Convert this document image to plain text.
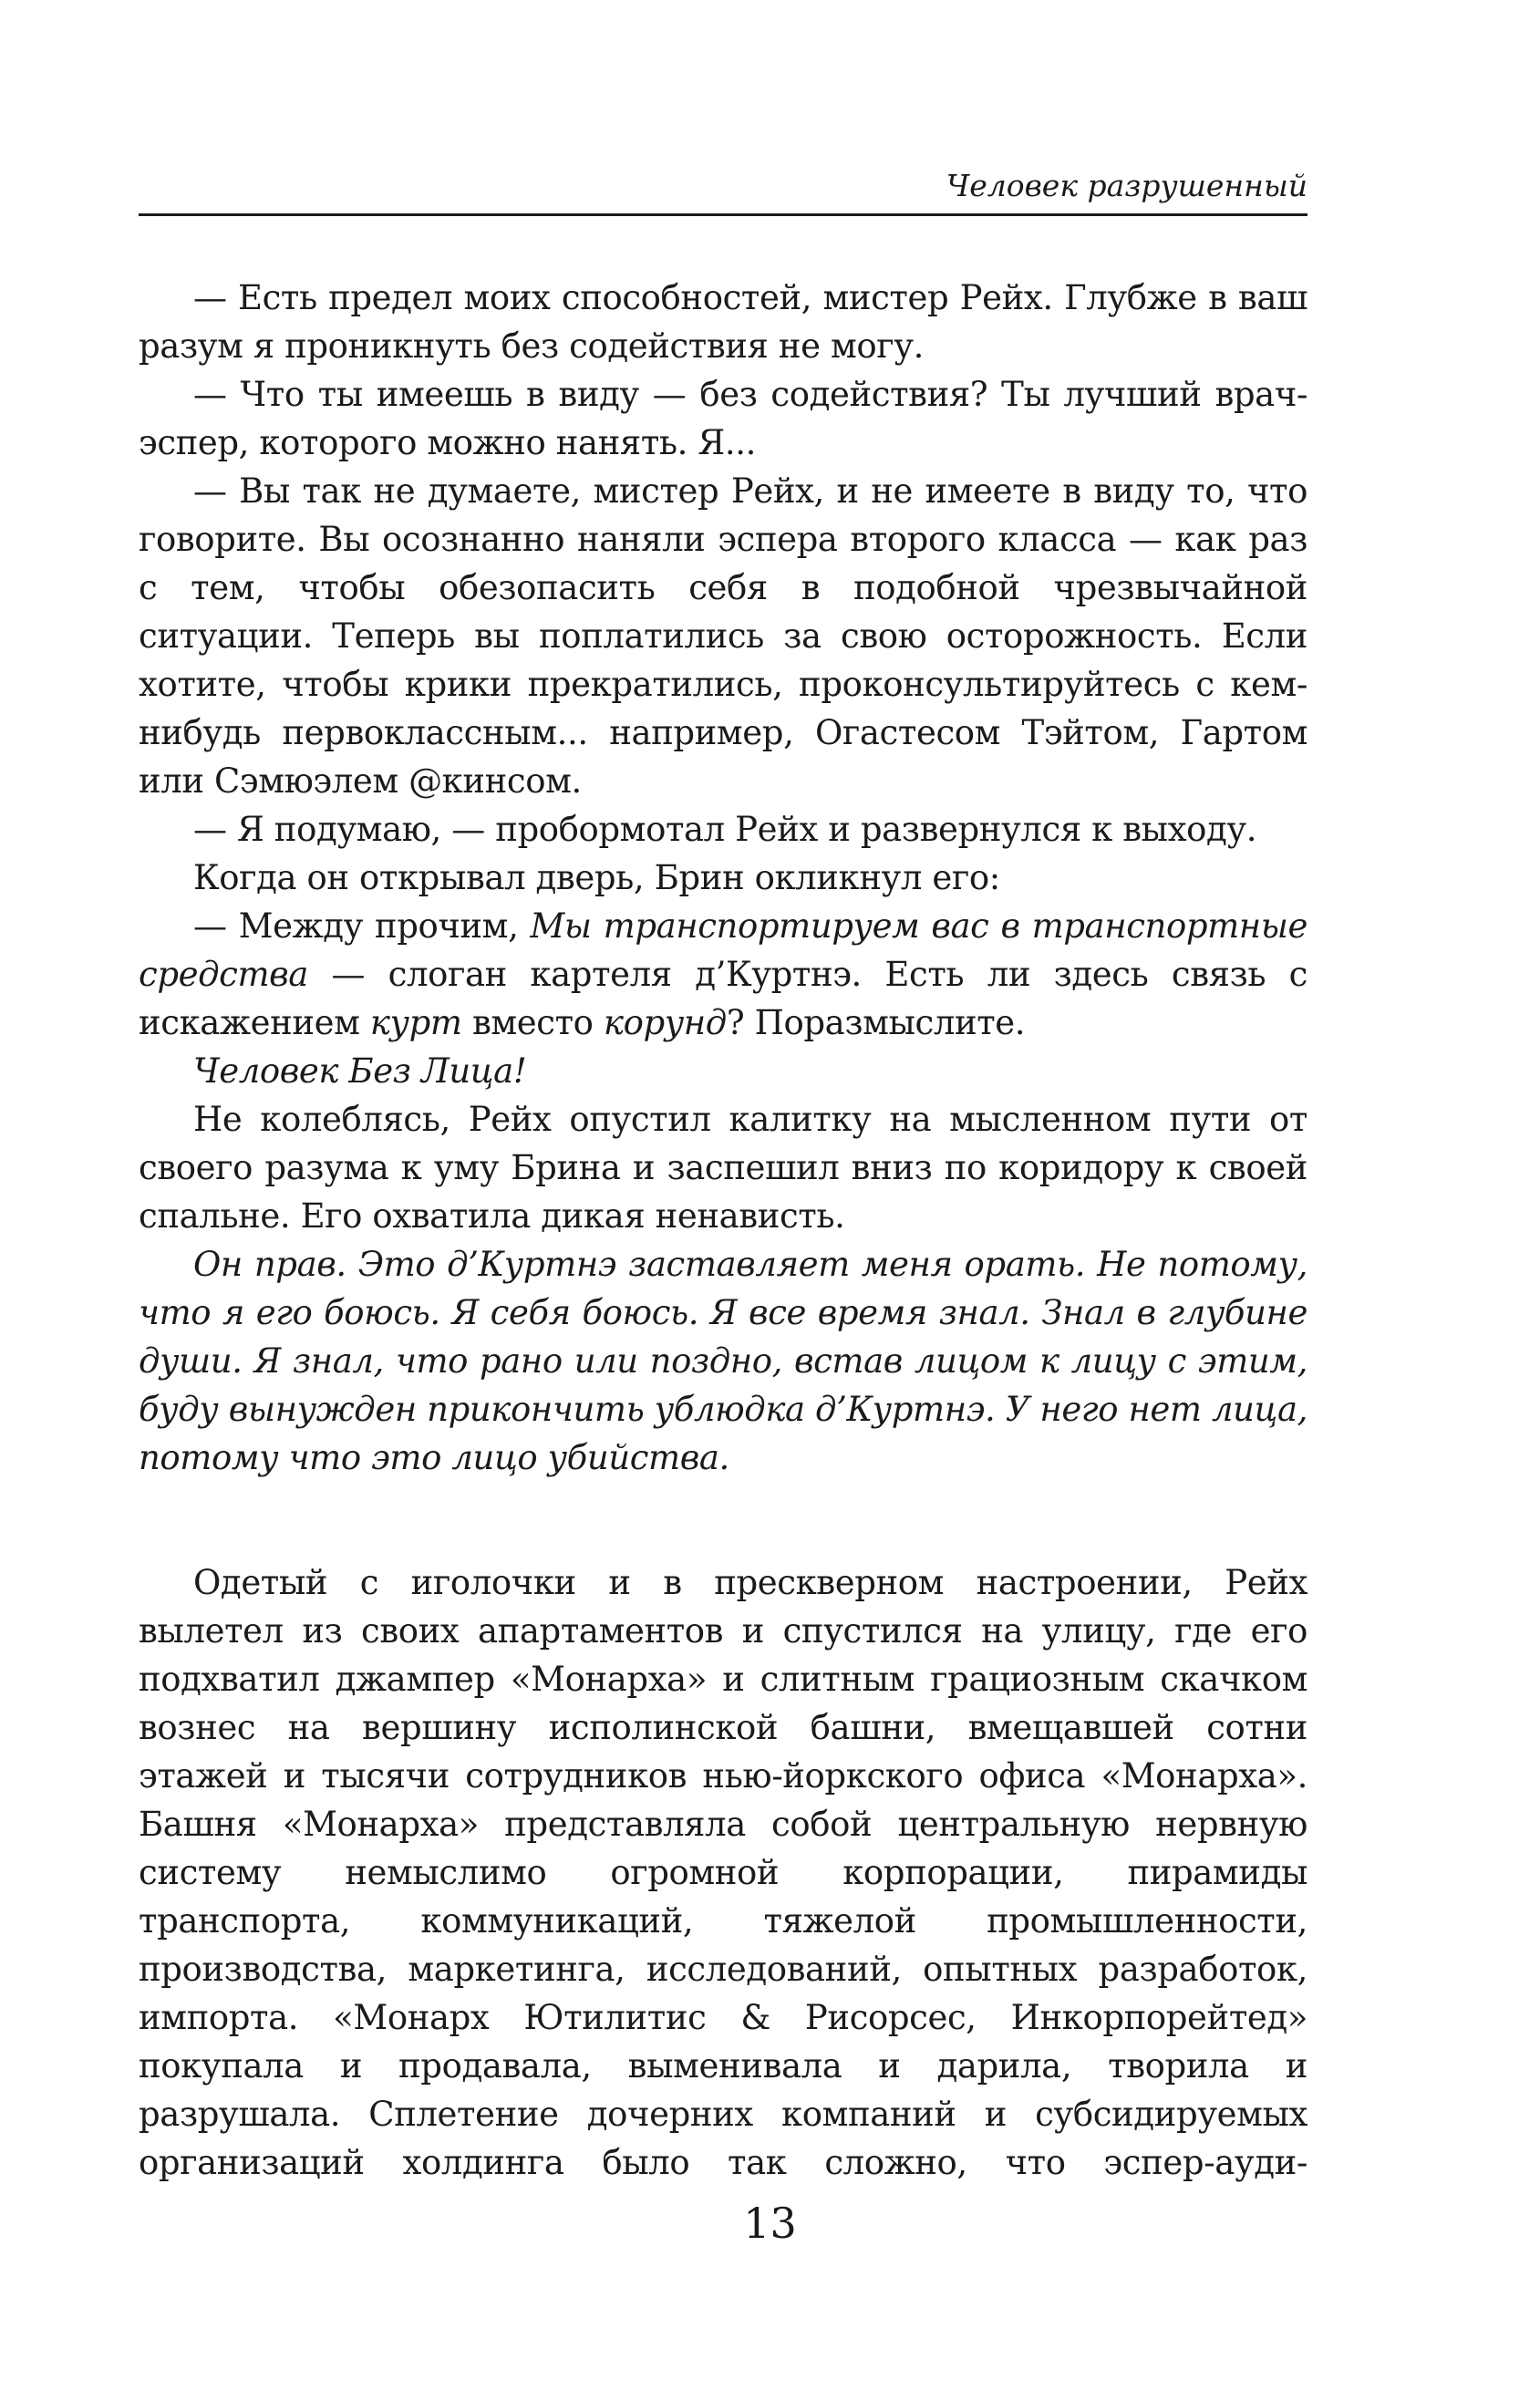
Человек разрушенный

— Есть предел моих способностей, мистер Рейх. Глубже в ваш разум я проникнуть без содействия не могу.

— Что ты имеешь в виду — без содействия? Ты лучший врач-эспер, которого можно нанять. Я...

— Вы так не думаете, мистер Рейх, и не имеете в виду то, что говорите. Вы осознанно наняли эспера второго класса — как раз с тем, чтобы обезопасить себя в подобной чрезвычайной ситуации. Теперь вы поплатились за свою осторожность. Если хотите, чтобы крики прекратились, проконсультируйтесь с кем-нибудь первоклассным... например, Огастесом Тэйтом, Гартом или Сэмюэлем @кинсом.

— Я подумаю, — пробормотал Рейх и развернулся к выходу.

Когда он открывал дверь, Брин окликнул его:

— Между прочим, Мы транспортируем вас в транспортные средства — слоган картеля д’Куртнэ. Есть ли здесь связь с искажением курт вместо корунд? Поразмыслите.

Человек Без Лица!

Не колеблясь, Рейх опустил калитку на мысленном пути от своего разума к уму Брина и заспешил вниз по коридору к своей спальне. Его охватила дикая ненависть.

Он прав. Это д’Куртнэ заставляет меня орать. Не потому, что я его боюсь. Я себя боюсь. Я все время знал. Знал в глубине души. Я знал, что рано или поздно, встав лицом к лицу с этим, буду вынужден прикончить ублюдка д’Куртнэ. У него нет лица, потому что это лицо убийства.

Одетый с иголочки и в прескверном настроении, Рейх вылетел из своих апартаментов и спустился на улицу, где его подхватил джампер «Монарха» и слитным грациозным скачком вознес на вершину исполинской башни, вмещавшей сотни этажей и тысячи сотрудников нью-йоркского офиса «Монарха». Башня «Монарха» представляла собой центральную нервную систему немыслимо огромной корпорации, пирамиды транспорта, коммуникаций, тяжелой промышленности, производства, маркетинга, исследований, опытных разработок, импорта. «Монарх Ютилитис & Рисорсес, Инкорпорейтед» покупала и продавала, выменивала и дарила, творила и разрушала. Сплетение дочерних компаний и субсидируемых организаций холдинга было так сложно, что эспер-ауди-

13
